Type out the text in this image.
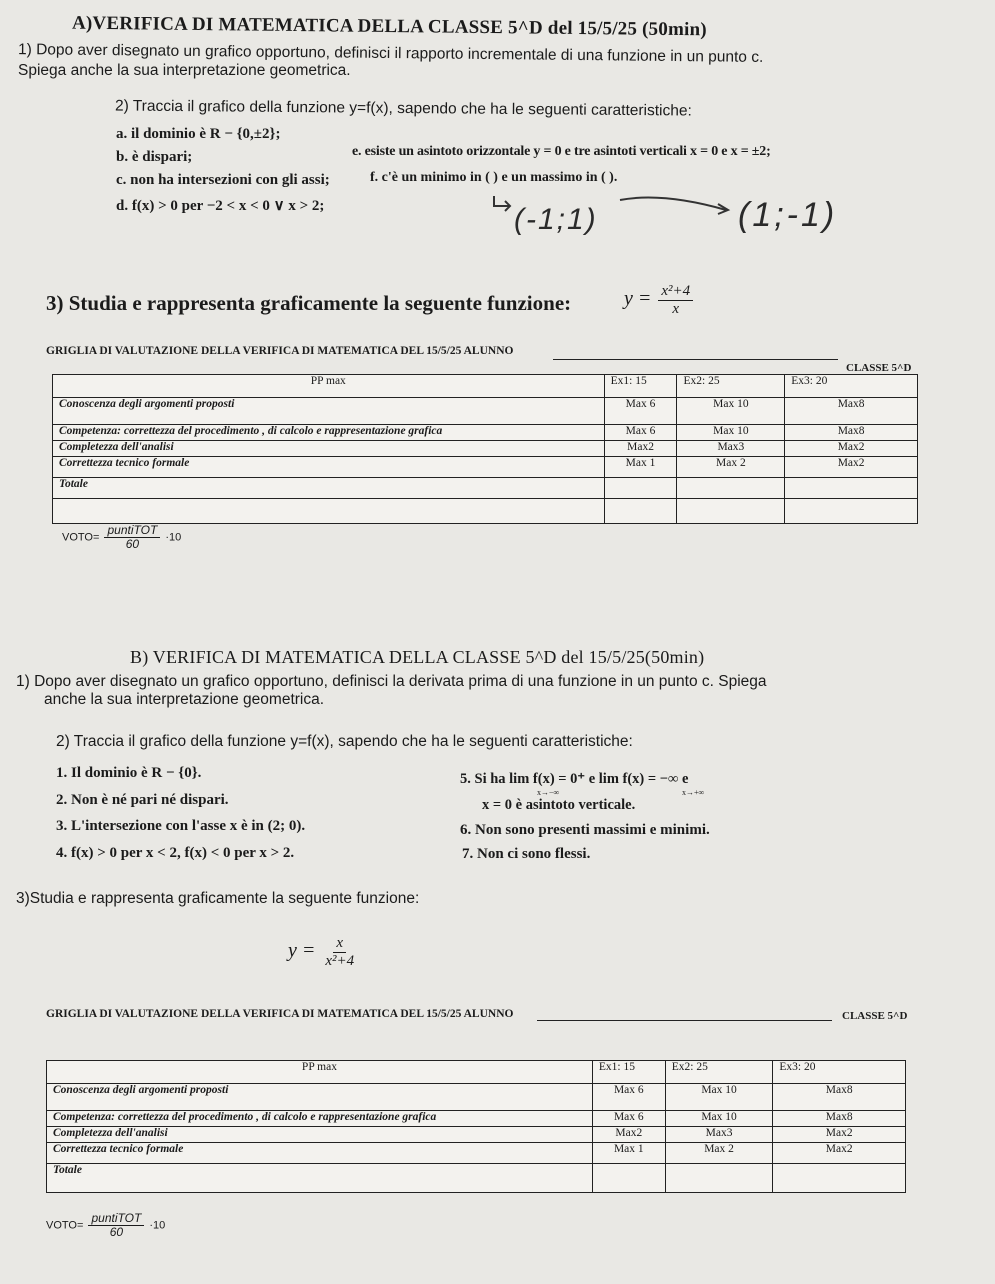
A)VERIFICA DI MATEMATICA DELLA CLASSE 5^D del 15/5/25 (50min)
1) Dopo aver disegnato un grafico opportuno, definisci il rapporto incrementale di una funzione in un punto c.
Spiega anche la sua interpretazione geometrica.
2) Traccia il grafico della funzione y=f(x), sapendo che ha le seguenti caratteristiche:
a. il dominio è R − {0,±2};
b. è dispari;
c. non ha intersezioni con gli assi;
d. f(x) > 0 per −2 < x < 0 ∨ x > 2;
e. esiste un asintoto orizzontale y = 0 e tre asintoti verticali x = 0 e x = ±2;
f. c'è un minimo in ( ) e un massimo in ( ).
(-1;1)	(1;-1)
3) Studia e rappresenta graficamente la seguente funzione:	$y = \frac{\text{x²+4}}{x}$
GRIGLIA DI VALUTAZIONE DELLA VERIFICA DI MATEMATICA DEL 15/5/25 ALUNNO
CLASSE 5^D
PP max	Ex1: 15	Ex2: 25	Ex3: 20
Conoscenza degli argomenti proposti	Max 6	Max 10	Max8
Competenza: correttezza del procedimento , di calcolo e rappresentazione grafica	Max 6	Max 10	Max8
Completezza dell'analisi	Max2	Max3	Max2
Correttezza tecnico formale	Max 1	Max 2	Max2
Totale			

VOTO= $\frac{\text{puntiTOT}}{60} \cdot 10$
B) VERIFICA DI MATEMATICA DELLA CLASSE 5^D del 15/5/25(50min)
1) Dopo aver disegnato un grafico opportuno, definisci la derivata prima di una funzione in un punto c. Spiega
anche la sua interpretazione geometrica.
2) Traccia il grafico della funzione y=f(x), sapendo che ha le seguenti caratteristiche:
1. Il dominio è R − {0}.
2. Non è né pari né dispari.
3. L'intersezione con l'asse x è in (2; 0).
4. f(x) > 0 per x < 2, f(x) < 0 per x > 2.
5. Si ha lim f(x) = 0⁺ e lim f(x) = −∞ e
x→−∞	x→+∞
x = 0 è asintoto verticale.
6. Non sono presenti massimi e minimi.
7. Non ci sono flessi.
3)Studia e rappresenta graficamente la seguente funzione:
$y = \frac{x}{\text{x²+4}}$
GRIGLIA DI VALUTAZIONE DELLA VERIFICA DI MATEMATICA DEL 15/5/25 ALUNNO	CLASSE 5^D
PP max	Ex1: 15	Ex2: 25	Ex3: 20
Conoscenza degli argomenti proposti	Max 6	Max 10	Max8
Competenza: correttezza del procedimento , di calcolo e rappresentazione grafica	Max 6	Max 10	Max8
Completezza dell'analisi	Max2	Max3	Max2
Correttezza tecnico formale	Max 1	Max 2	Max2
Totale			
VOTO= $\frac{\text{puntiTOT}}{60} \cdot 10$
